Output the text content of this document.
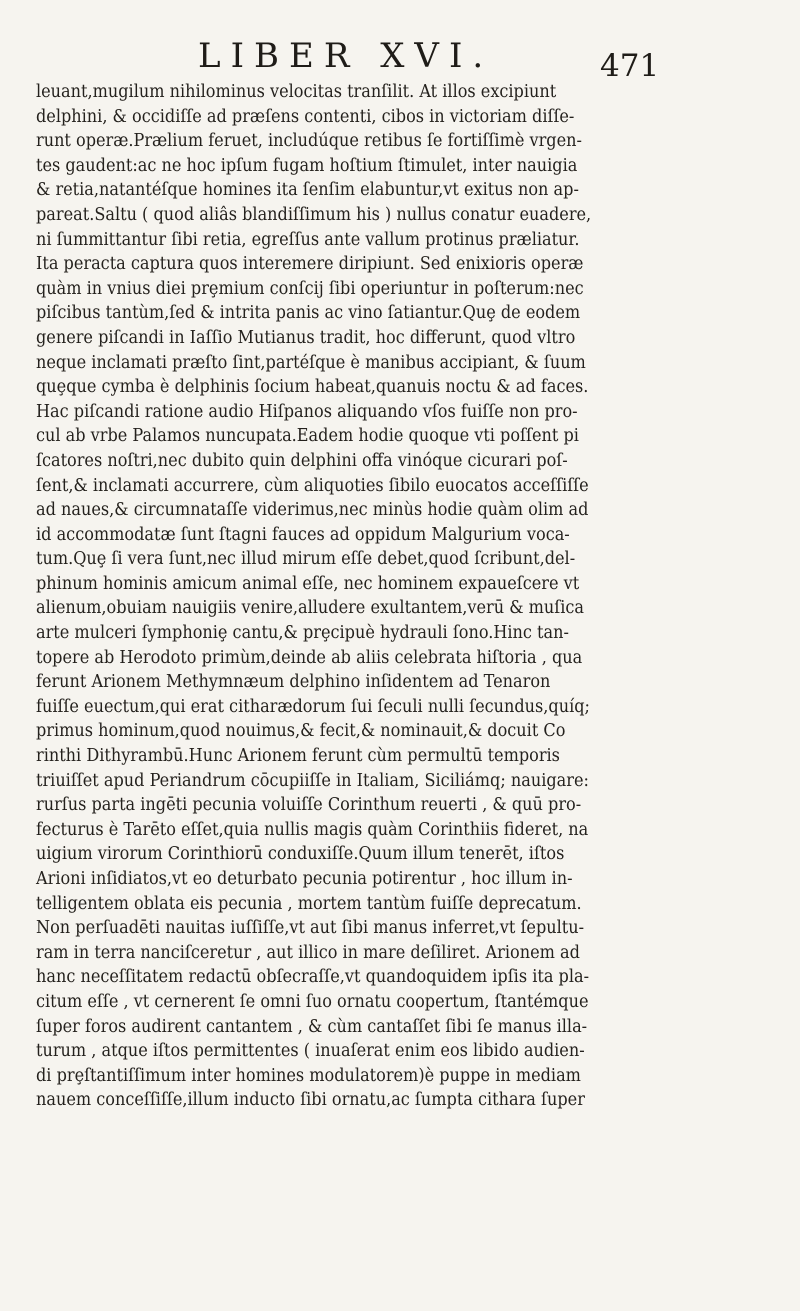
LIBER XVI.	471
leuant,mugilum nihilominus velocitas tranſilit. At illos excipiunt
delphini, & occidiſſe ad præſens contenti, cibos in victoriam diſſe-
runt operæ.Prælium feruet, includúque retibus ſe fortiſſimè vrgen-
tes gaudent:ac ne hoc ipſum fugam hoſtium ſtimulet, inter nauigia
& retia,natantéſque homines ita ſenſim elabuntur,vt exitus non ap-
pareat.Saltu ( quod aliâs blandiſſimum his ) nullus conatur euadere,
ni ſummittantur ſibi retia, egreſſus ante vallum protinus præliatur.
Ita peracta captura quos interemere diripiunt. Sed enixioris operæ
quàm in vnius diei prȩmium conſcij ſibi operiuntur in poſterum:nec
piſcibus tantùm,ſed & intrita panis ac vino ſatiantur.Quȩ de eodem
genere piſcandi in Iaſſio Mutianus tradit, hoc differunt, quod vltro
neque inclamati præſto ſint,partéſque è manibus accipiant, & ſuum
quȩque cymba è delphinis ſocium habeat,quanuis noctu & ad faces.
Hac piſcandi ratione audio Hiſpanos aliquando vſos fuiſſe non pro-
cul ab vrbe Palamos nuncupata.Eadem hodie quoque vti poſſent pi
ſcatores noſtri,nec dubito quin delphini offa vinóque cicurari poſ-
ſent,& inclamati accurrere, cùm aliquoties ſibilo euocatos acceſſiſſe
ad naues,& circumnataſſe viderimus,nec minùs hodie quàm olim ad
id accommodatæ ſunt ſtagni fauces ad oppidum Malgurium voca-
tum.Quȩ ſi vera ſunt,nec illud mirum eſſe debet,quod ſcribunt,del-
phinum hominis amicum animal eſſe, nec hominem expaueſcere vt
alienum,obuiam nauigiis venire,alludere exultantem,verū & muſica
arte mulceri ſymphoniȩ cantu,& prȩcipuè hydrauli ſono.Hinc tan-
topere ab Herodoto primùm,deinde ab aliis celebrata hiſtoria , qua
ferunt Arionem Methymnæum delphino inſidentem ad Tenaron
fuiſſe euectum,qui erat citharædorum ſui ſeculi nulli ſecundus,quíq;
primus hominum,quod nouimus,& fecit,& nominauit,& docuit Co
rinthi Dithyrambū.Hunc Arionem ferunt cùm permultū temporis
triuiſſet apud Periandrum cōcupiiſſe in Italiam, Siciliámq; nauigare:
rurſus parta ingēti pecunia voluiſſe Corinthum reuerti , & quū pro-
fecturus è Tarēto eſſet,quia nullis magis quàm Corinthiis fideret, na
uigium virorum Corinthiorū conduxiſſe.Quum illum tenerēt, iſtos
Arioni inſidiatos,vt eo deturbato pecunia potirentur , hoc illum in-
telligentem oblata eis pecunia , mortem tantùm fuiſſe deprecatum.
Non perſuadēti nauitas iuſſiſſe,vt aut ſibi manus inferret,vt ſepultu-
ram in terra nanciſceretur , aut illico in mare deſiliret. Arionem ad
hanc neceſſitatem redactū obſecraſſe,vt quandoquidem ipſis ita pla-
citum eſſe , vt cernerent ſe omni ſuo ornatu coopertum, ſtantémque
ſuper foros audirent cantantem , & cùm cantaſſet ſibi ſe manus illa-
turum , atque iſtos permittentes ( inuaſerat enim eos libido audien-
di prȩſtantiſſimum inter homines modulatorem)è puppe in mediam
nauem conceſſiſſe,illum inducto ſibi ornatu,ac ſumpta cithara ſuper
